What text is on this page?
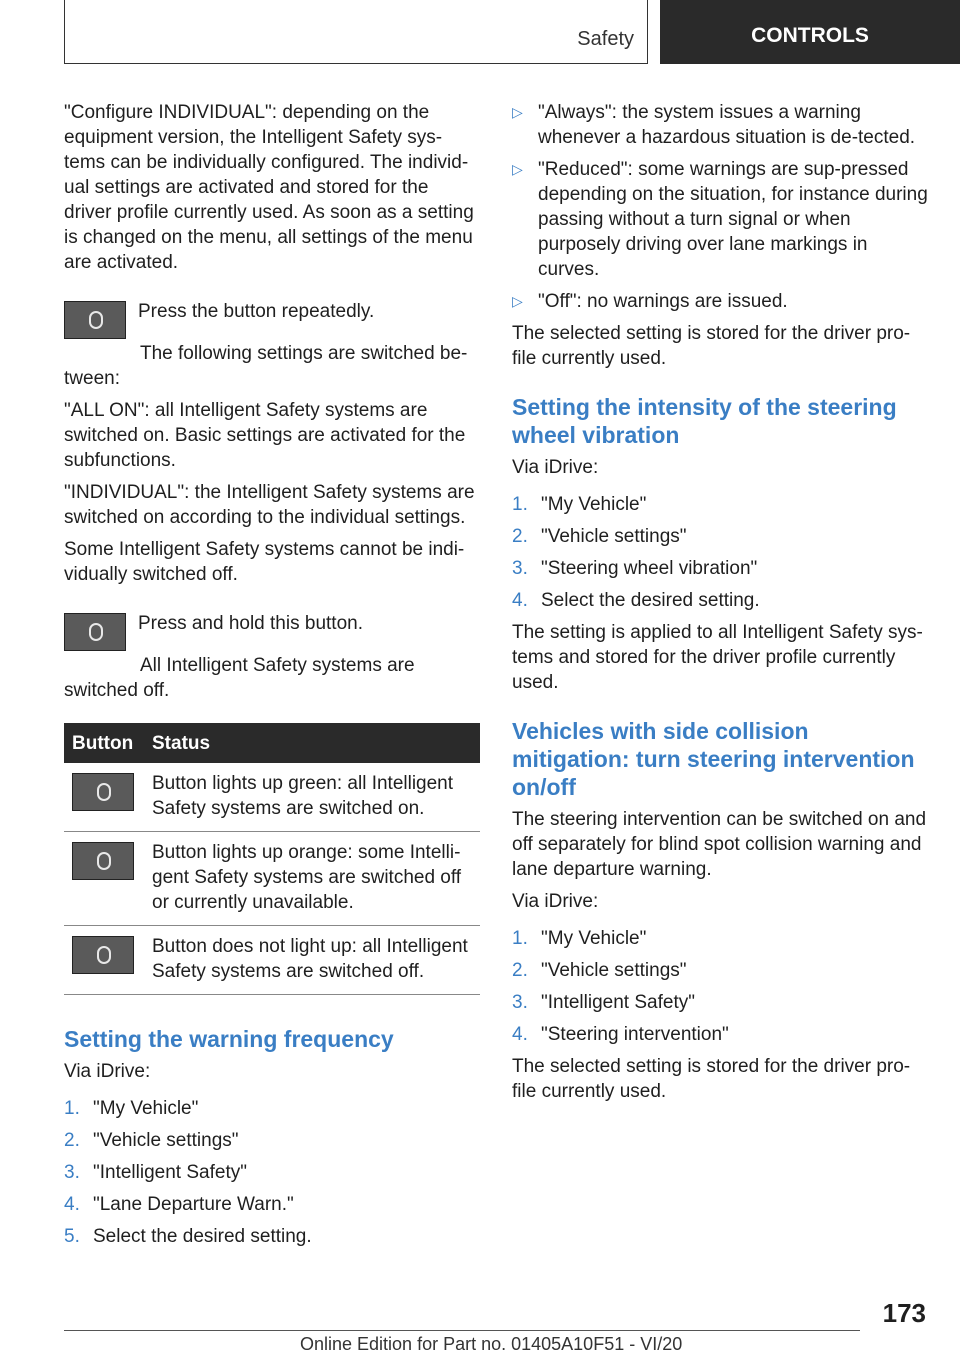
Safety	CONTROLS

"Configure INDIVIDUAL": depending on the equipment version, the Intelligent Safety sys‐tems can be individually configured. The individ‐ual settings are activated and stored for the driver profile currently used. As soon as a setting is changed on the menu, all settings of the menu are activated.

Press the button repeatedly.

The following settings are switched be‐tween:

"ALL ON": all Intelligent Safety systems are switched on. Basic settings are activated for the subfunctions.

"INDIVIDUAL": the Intelligent Safety systems are switched on according to the individual settings.

Some Intelligent Safety systems cannot be indi‐vidually switched off.

Press and hold this button.

All Intelligent Safety systems are switched off.

Button	Status

	Button lights up green: all Intelligent Safety systems are switched on.

	Button lights up orange: some Intelli‐gent Safety systems are switched off or currently unavailable.

	Button does not light up: all Intelligent Safety systems are switched off.
Setting the warning frequency

Via iDrive:

1. "My Vehicle"
2. "Vehicle settings"
3. "Intelligent Safety"
4. "Lane Departure Warn."
5. Select the desired setting.
▷ "Always": the system issues a warning whenever a hazardous situation is de‐tected.
▷ "Reduced": some warnings are sup‐pressed depending on the situation, for instance during passing without a turn signal or when purposely driving over lane markings in curves.
▷ "Off": no warnings are issued.

The selected setting is stored for the driver pro‐file currently used.

Setting the intensity of the steering wheel vibration

Via iDrive:

1. "My Vehicle"
2. "Vehicle settings"
3. "Steering wheel vibration"
4. Select the desired setting.

The setting is applied to all Intelligent Safety sys‐tems and stored for the driver profile currently used.

Vehicles with side collision mitigation: turn steering intervention on/off

The steering intervention can be switched on and off separately for blind spot collision warning and lane departure warning.

Via iDrive:

1. "My Vehicle"
2. "Vehicle settings"
3. "Intelligent Safety"
4. "Steering intervention"

The selected setting is stored for the driver pro‐file currently used.

173
Online Edition for Part no. 01405A10F51 - VI/20
